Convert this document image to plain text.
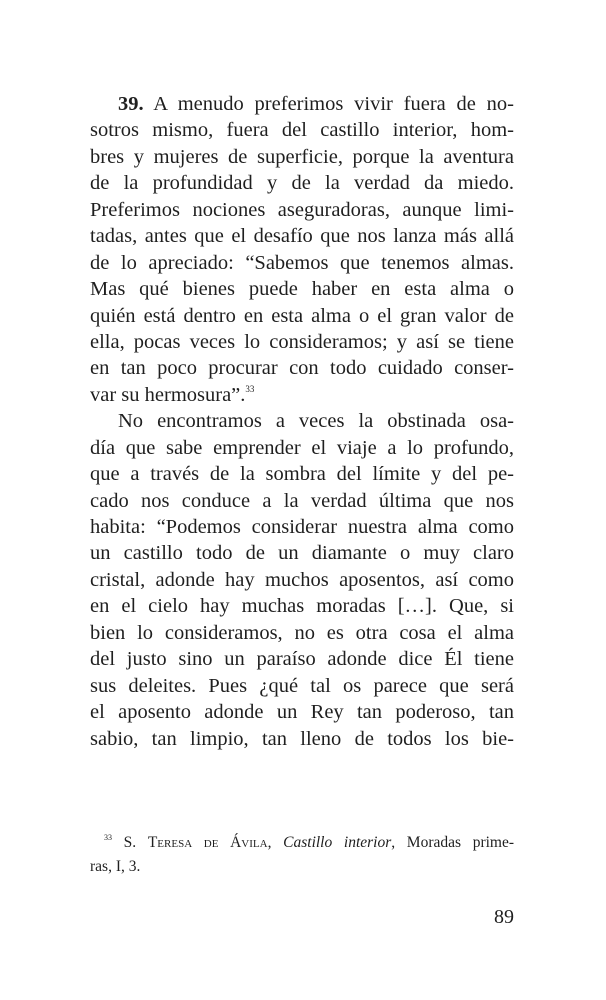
39. A menudo preferimos vivir fuera de no-
sotros mismo, fuera del castillo interior, hom-
bres y mujeres de superficie, porque la aventura
de la profundidad y de la verdad da miedo.
Preferimos nociones aseguradoras, aunque limi-
tadas, antes que el desafío que nos lanza más allá
de lo apreciado: “Sabemos que tenemos almas.
Mas qué bienes puede haber en esta alma o
quién está dentro en esta alma o el gran valor de
ella, pocas veces lo consideramos; y así se tiene
en tan poco procurar con todo cuidado conser-
var su hermosura”.$^{33}$
No encontramos a veces la obstinada osa-
día que sabe emprender el viaje a lo profundo,
que a través de la sombra del límite y del pe-
cado nos conduce a la verdad última que nos
habita: “Podemos considerar nuestra alma como
un castillo todo de un diamante o muy claro
cristal, adonde hay muchos aposentos, así como
en el cielo hay muchas moradas […]. Que, si
bien lo consideramos, no es otra cosa el alma
del justo sino un paraíso adonde dice Él tiene
sus deleites. Pues ¿qué tal os parece que será
el aposento adonde un Rey tan poderoso, tan
sabio, tan limpio, tan lleno de todos los bie-
$^{33}$ S. Teresa de Ávila, Castillo interior, Moradas prime-
ras, I, 3.
89
